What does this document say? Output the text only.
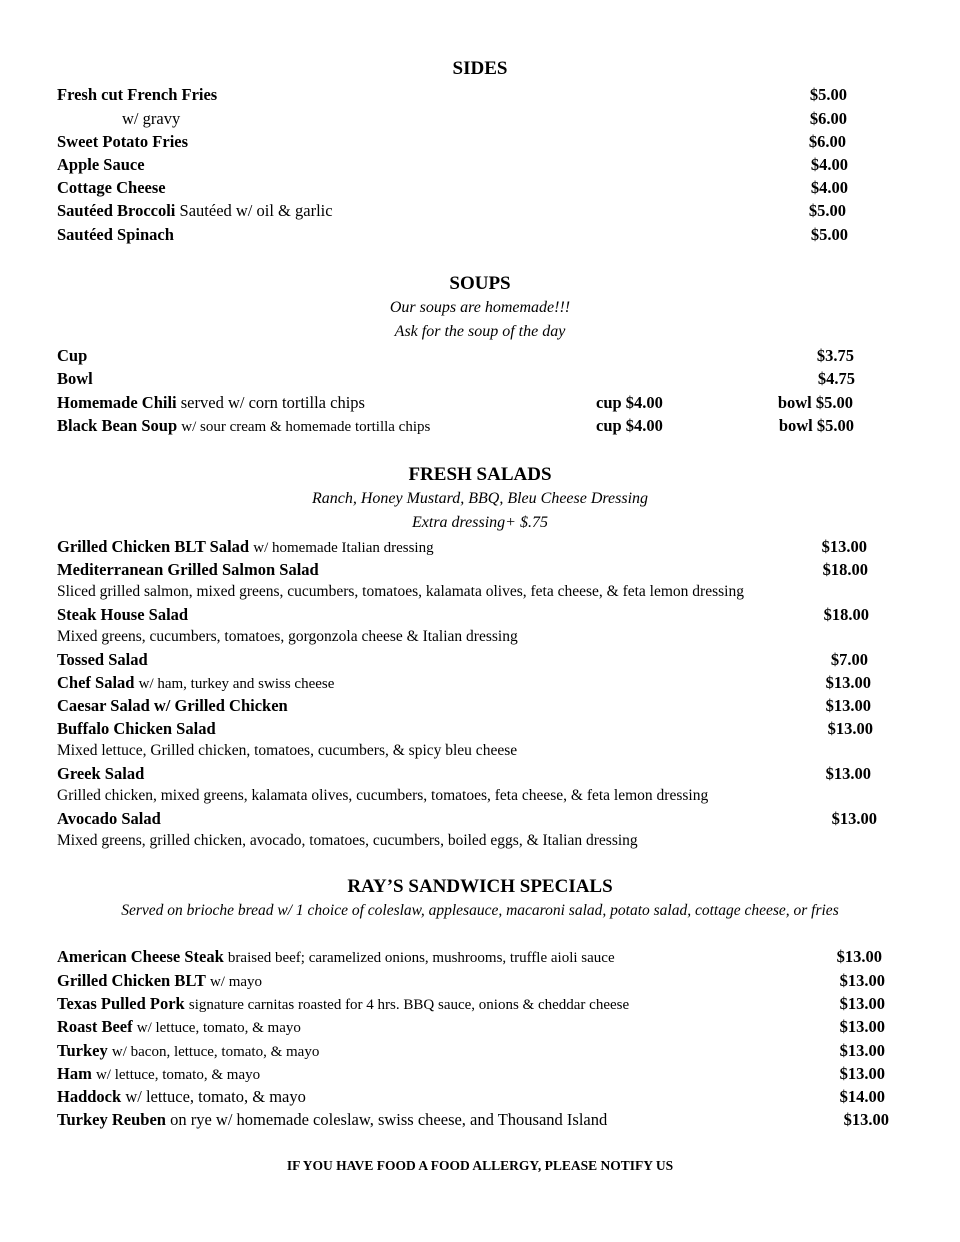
SIDES
Fresh cut French Fries	$5.00
w/ gravy	$6.00
Sweet Potato Fries	$6.00
Apple Sauce	$4.00
Cottage Cheese	$4.00
Sautéed Broccoli Sautéed w/ oil & garlic	$5.00
Sautéed Spinach	$5.00
SOUPS
Our soups are homemade!!!
Ask for the soup of the day
Cup	$3.75
Bowl	$4.75
Homemade Chili served w/ corn tortilla chips	cup $4.00	bowl $5.00
Black Bean Soup w/ sour cream & homemade tortilla chips	cup $4.00	bowl $5.00
FRESH SALADS
Ranch, Honey Mustard, BBQ, Bleu Cheese Dressing
Extra dressing+ $.75
Grilled Chicken BLT Salad w/ homemade Italian dressing	$13.00
Mediterranean Grilled Salmon Salad	$18.00
Sliced grilled salmon, mixed greens, cucumbers, tomatoes, kalamata olives, feta cheese, & feta lemon dressing
Steak House Salad	$18.00
Mixed greens, cucumbers, tomatoes, gorgonzola cheese & Italian dressing
Tossed Salad	$7.00
Chef Salad w/ ham, turkey and swiss cheese	$13.00
Caesar Salad w/ Grilled Chicken	$13.00
Buffalo Chicken Salad	$13.00
Mixed lettuce, Grilled chicken, tomatoes, cucumbers, & spicy bleu cheese
Greek Salad	$13.00
Grilled chicken, mixed greens, kalamata olives, cucumbers, tomatoes, feta cheese, & feta lemon dressing
Avocado Salad	$13.00
Mixed greens, grilled chicken, avocado, tomatoes, cucumbers, boiled eggs, & Italian dressing
RAY’S SANDWICH SPECIALS
Served on brioche bread w/ 1 choice of coleslaw, applesauce, macaroni salad, potato salad, cottage cheese, or fries
American Cheese Steak braised beef; caramelized onions, mushrooms, truffle aioli sauce	$13.00
Grilled Chicken BLT w/ mayo	$13.00
Texas Pulled Pork signature carnitas roasted for 4 hrs. BBQ sauce, onions & cheddar cheese	$13.00
Roast Beef w/ lettuce, tomato, & mayo	$13.00
Turkey w/ bacon, lettuce, tomato, & mayo	$13.00
Ham w/ lettuce, tomato, & mayo	$13.00
Haddock w/ lettuce, tomato, & mayo	$14.00
Turkey Reuben on rye w/ homemade coleslaw, swiss cheese, and Thousand Island	$13.00
IF YOU HAVE FOOD A FOOD ALLERGY, PLEASE NOTIFY US
